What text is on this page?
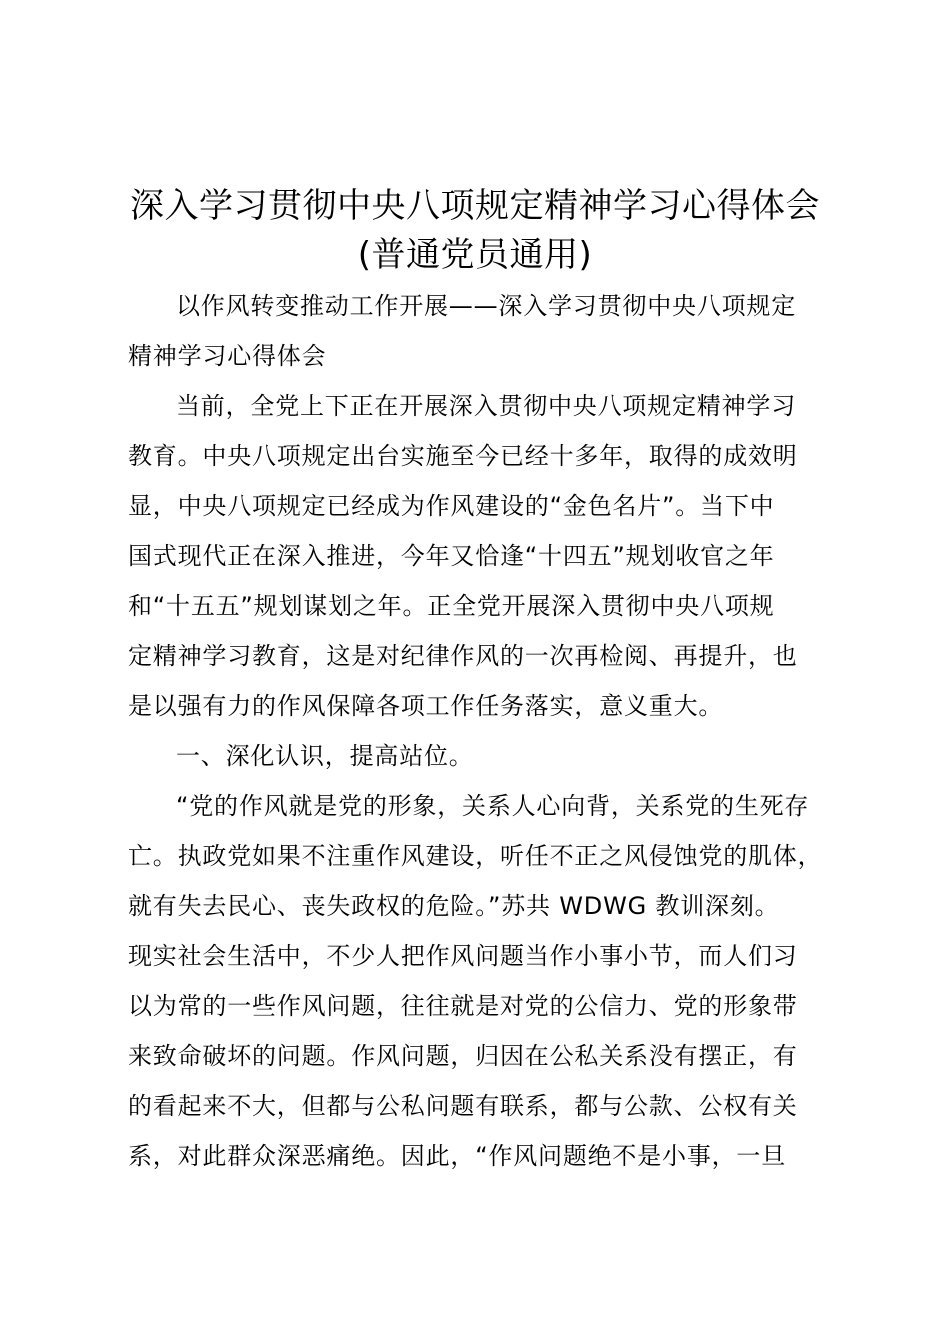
深入学习贯彻中央八项规定精神学习心得体会
(普通党员通用)
以作风转变推动工作开展——深入学习贯彻中央八项规定
精神学习心得体会
当前，全党上下正在开展深入贯彻中央八项规定精神学习
教育。中央八项规定出台实施至今已经十多年，取得的成效明
显，中央八项规定已经成为作风建设的“金色名片”。当下中
国式现代正在深入推进，今年又恰逢“十四五”规划收官之年
和“十五五”规划谋划之年。正全党开展深入贯彻中央八项规
定精神学习教育，这是对纪律作风的一次再检阅、再提升，也
是以强有力的作风保障各项工作任务落实，意义重大。
一、深化认识，提高站位。
“党的作风就是党的形象，关系人心向背，关系党的生死存
亡。执政党如果不注重作风建设，听任不正之风侵蚀党的肌体，
就有失去民心、丧失政权的危险。”苏共 WDWG 教训深刻。
现实社会生活中，不少人把作风问题当作小事小节，而人们习
以为常的一些作风问题，往往就是对党的公信力、党的形象带
来致命破坏的问题。作风问题，归因在公私关系没有摆正，有
的看起来不大，但都与公私问题有联系，都与公款、公权有关
系，对此群众深恶痛绝。因此，“作风问题绝不是小事，一旦
